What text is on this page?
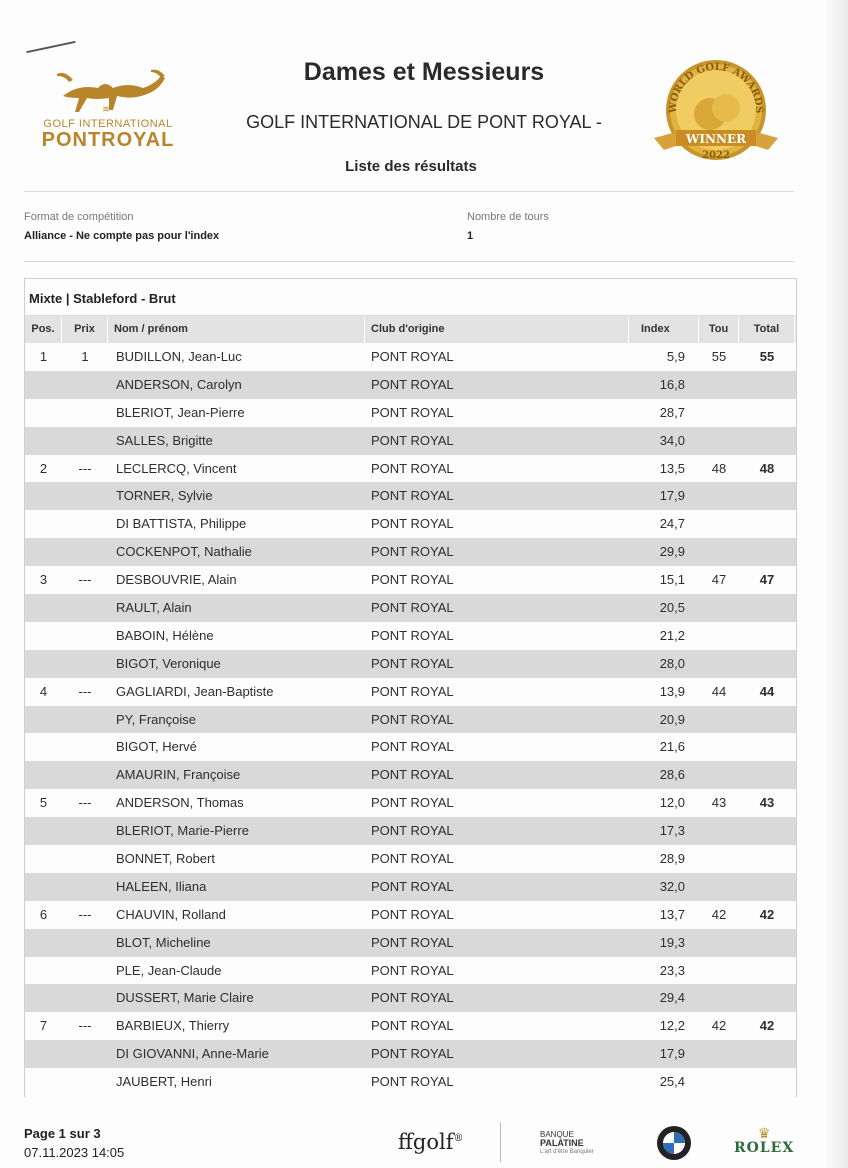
≋
GOLF INTERNATIONAL
PONTROYAL
Dames et Messieurs
GOLF INTERNATIONAL DE PONT ROYAL -
Liste des résultats
WORLD GOLF AWARDS
WINNER
2022
Format de compétition
Alliance - Ne compte pas pour l'index
Nombre de tours
1
Mixte | Stableford - Brut
Pos.	Prix	Nom / prénom	Club d'origine	Index	Tou	Total
1	1	BUDILLON, Jean-Luc	PONT ROYAL	5,9	55	55
ANDERSON, Carolyn	PONT ROYAL	16,8
BLERIOT, Jean-Pierre	PONT ROYAL	28,7
SALLES, Brigitte	PONT ROYAL	34,0
2	---	LECLERCQ, Vincent	PONT ROYAL	13,5	48	48
TORNER, Sylvie	PONT ROYAL	17,9
DI BATTISTA, Philippe	PONT ROYAL	24,7
COCKENPOT, Nathalie	PONT ROYAL	29,9
3	---	DESBOUVRIE, Alain	PONT ROYAL	15,1	47	47
RAULT, Alain	PONT ROYAL	20,5
BABOIN, Hélène	PONT ROYAL	21,2
BIGOT, Veronique	PONT ROYAL	28,0
4	---	GAGLIARDI, Jean-Baptiste	PONT ROYAL	13,9	44	44
PY, Françoise	PONT ROYAL	20,9
BIGOT, Hervé	PONT ROYAL	21,6
AMAURIN, Françoise	PONT ROYAL	28,6
5	---	ANDERSON, Thomas	PONT ROYAL	12,0	43	43
BLERIOT, Marie-Pierre	PONT ROYAL	17,3
BONNET, Robert	PONT ROYAL	28,9
HALEEN, Iliana	PONT ROYAL	32,0
6	---	CHAUVIN, Rolland	PONT ROYAL	13,7	42	42
BLOT, Micheline	PONT ROYAL	19,3
PLE, Jean-Claude	PONT ROYAL	23,3
DUSSERT, Marie Claire	PONT ROYAL	29,4
7	---	BARBIEUX, Thierry	PONT ROYAL	12,2	42	42
DI GIOVANNI, Anne-Marie	PONT ROYAL	17,9
JAUBERT, Henri	PONT ROYAL	25,4
Page 1 sur 3
07.11.2023 14:05	ffgolf®	BANQUE
PALATINE
L'art d'être Banquier
♛
ROLEX
